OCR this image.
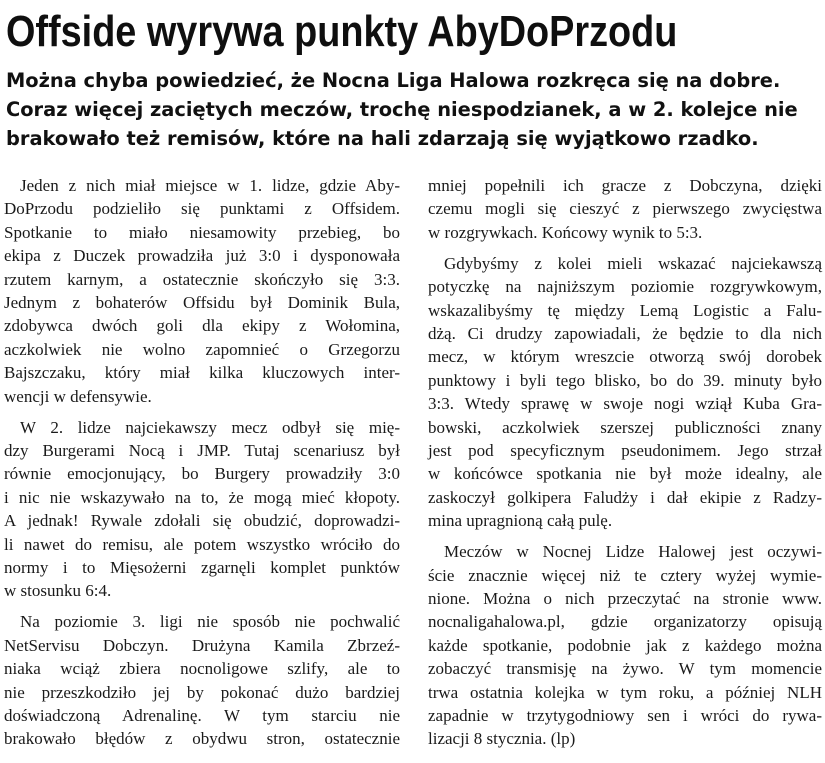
Offside wyrywa punkty AbyDoPrzodu
Można chyba powiedzieć, że Nocna Liga Halowa rozkręca się na dobre.
Coraz więcej zaciętych meczów, trochę niespodzianek, a w 2. kolejce nie
brakowało też remisów, które na hali zdarzają się wyjątkowo rzadko.
Jeden z nich miał miejsce w 1. lidze, gdzie Aby-
DoPrzodu podzieliło się punktami z Offsidem.
Spotkanie to miało niesamowity przebieg, bo
ekipa z Duczek prowadziła już 3:0 i dysponowała
rzutem karnym, a ostatecznie skończyło się 3:3.
Jednym z bohaterów Offsidu był Dominik Bula,
zdobywca dwóch goli dla ekipy z Wołomina,
aczkolwiek nie wolno zapomnieć o Grzegorzu
Bajszczaku, który miał kilka kluczowych inter-
wencji w defensywie.
W 2. lidze najciekawszy mecz odbył się mię-
dzy Burgerami Nocą i JMP. Tutaj scenariusz był
równie emocjonujący, bo Burgery prowadziły 3:0
i nic nie wskazywało na to, że mogą mieć kłopoty.
A jednak! Rywale zdołali się obudzić, doprowadzi-
li nawet do remisu, ale potem wszystko wróciło do
normy i to Mięsożerni zgarnęli komplet punktów
w stosunku 6:4.
Na poziomie 3. ligi nie sposób nie pochwalić
NetServisu Dobczyn. Drużyna Kamila Zbrzeź-
niaka wciąż zbiera nocnoligowe szlify, ale to
nie przeszkodziło jej by pokonać dużo bardziej
doświadczoną Adrenalinę. W tym starciu nie
brakowało błędów z obydwu stron, ostatecznie
mniej popełnili ich gracze z Dobczyna, dzięki
czemu mogli się cieszyć z pierwszego zwycięstwa
w rozgrywkach. Końcowy wynik to 5:3.
Gdybyśmy z kolei mieli wskazać najciekawszą
potyczkę na najniższym poziomie rozgrywkowym,
wskazalibyśmy tę między Lemą Logistic a Falu-
dżą. Ci drudzy zapowiadali, że będzie to dla nich
mecz, w którym wreszcie otworzą swój dorobek
punktowy i byli tego blisko, bo do 39. minuty było
3:3. Wtedy sprawę w swoje nogi wziął Kuba Gra-
bowski, aczkolwiek szerszej publiczności znany
jest pod specyficznym pseudonimem. Jego strzał
w końcówce spotkania nie był może idealny, ale
zaskoczył golkipera Faludży i dał ekipie z Radzy-
mina upragnioną całą pulę.
Meczów w Nocnej Lidze Halowej jest oczywi-
ście znacznie więcej niż te cztery wyżej wymie-
nione. Można o nich przeczytać na stronie www.
nocnaligahalowa.pl, gdzie organizatorzy opisują
każde spotkanie, podobnie jak z każdego można
zobaczyć transmisję na żywo. W tym momencie
trwa ostatnia kolejka w tym roku, a później NLH
zapadnie w trzytygodniowy sen i wróci do rywa-
lizacji 8 stycznia. (lp)
